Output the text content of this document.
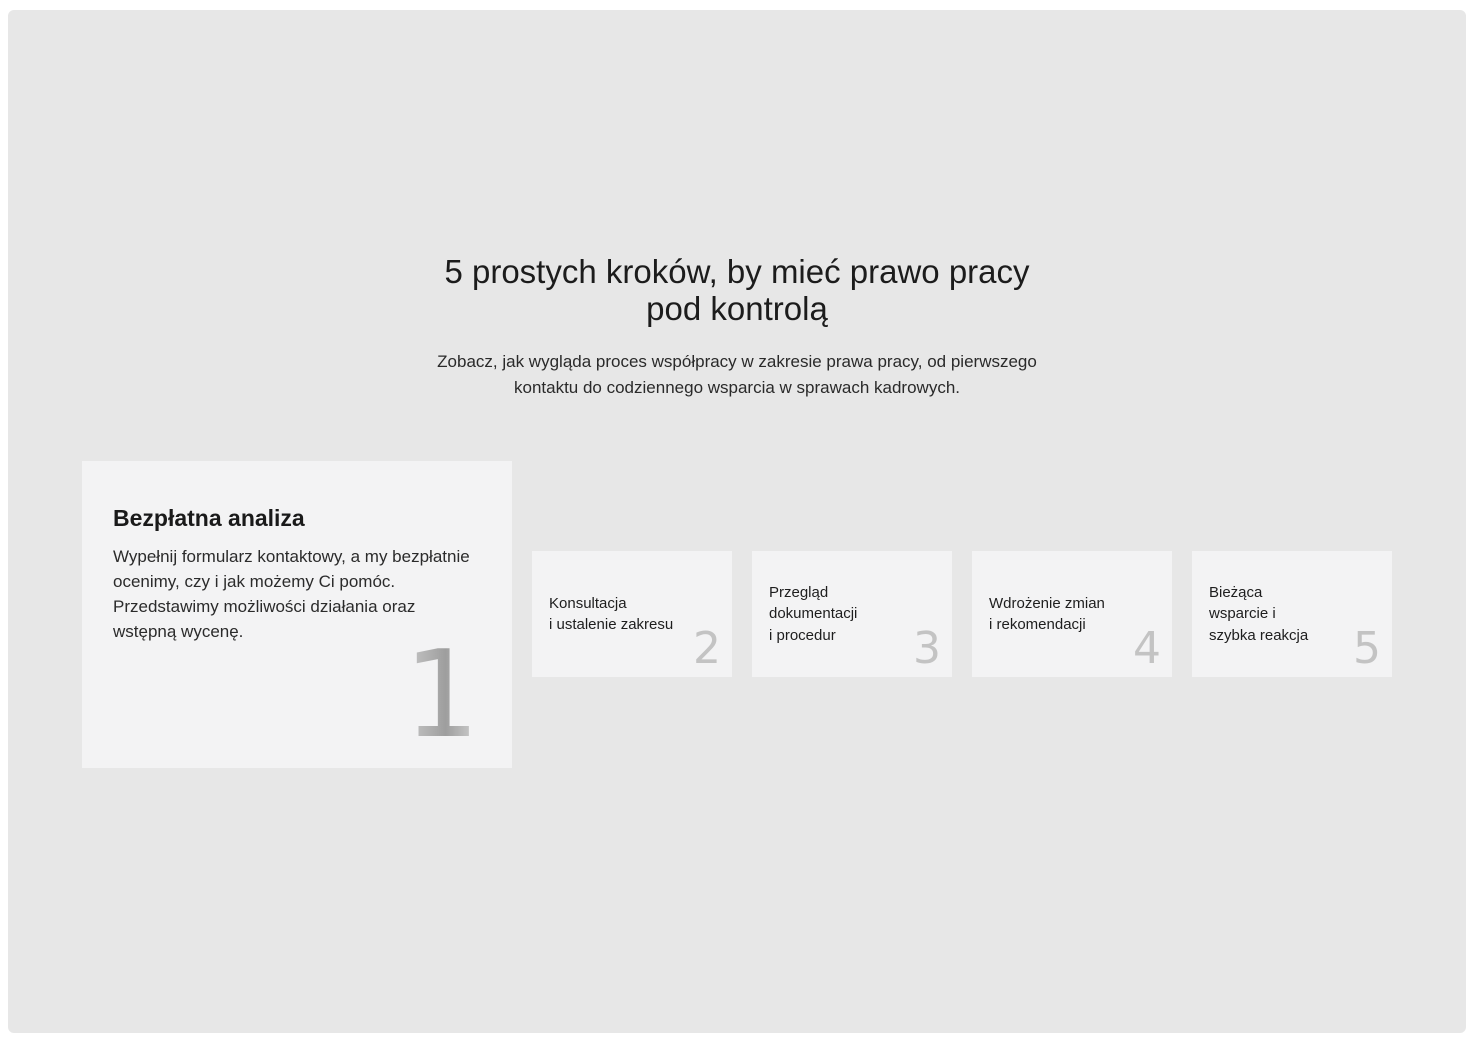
5 prostych kroków, by mieć prawo pracy
pod kontrolą

Zobacz, jak wygląda proces współpracy w zakresie prawa pracy, od pierwszego
kontaktu do codziennego wsparcia w sprawach kadrowych.

Bezpłatna analiza

Wypełnij formularz kontaktowy, a my bezpłatnie ocenimy, czy i jak możemy Ci pomóc. Przedstawimy możliwości działania oraz wstępną wycenę.	1
Konsultacja
i ustalenie zakresu 2
Przegląd
dokumentacji
i procedur	3
Wdrożenie zmian
i rekomendacji	4
Bieżąca
wsparcie i
szybka reakcja 5
